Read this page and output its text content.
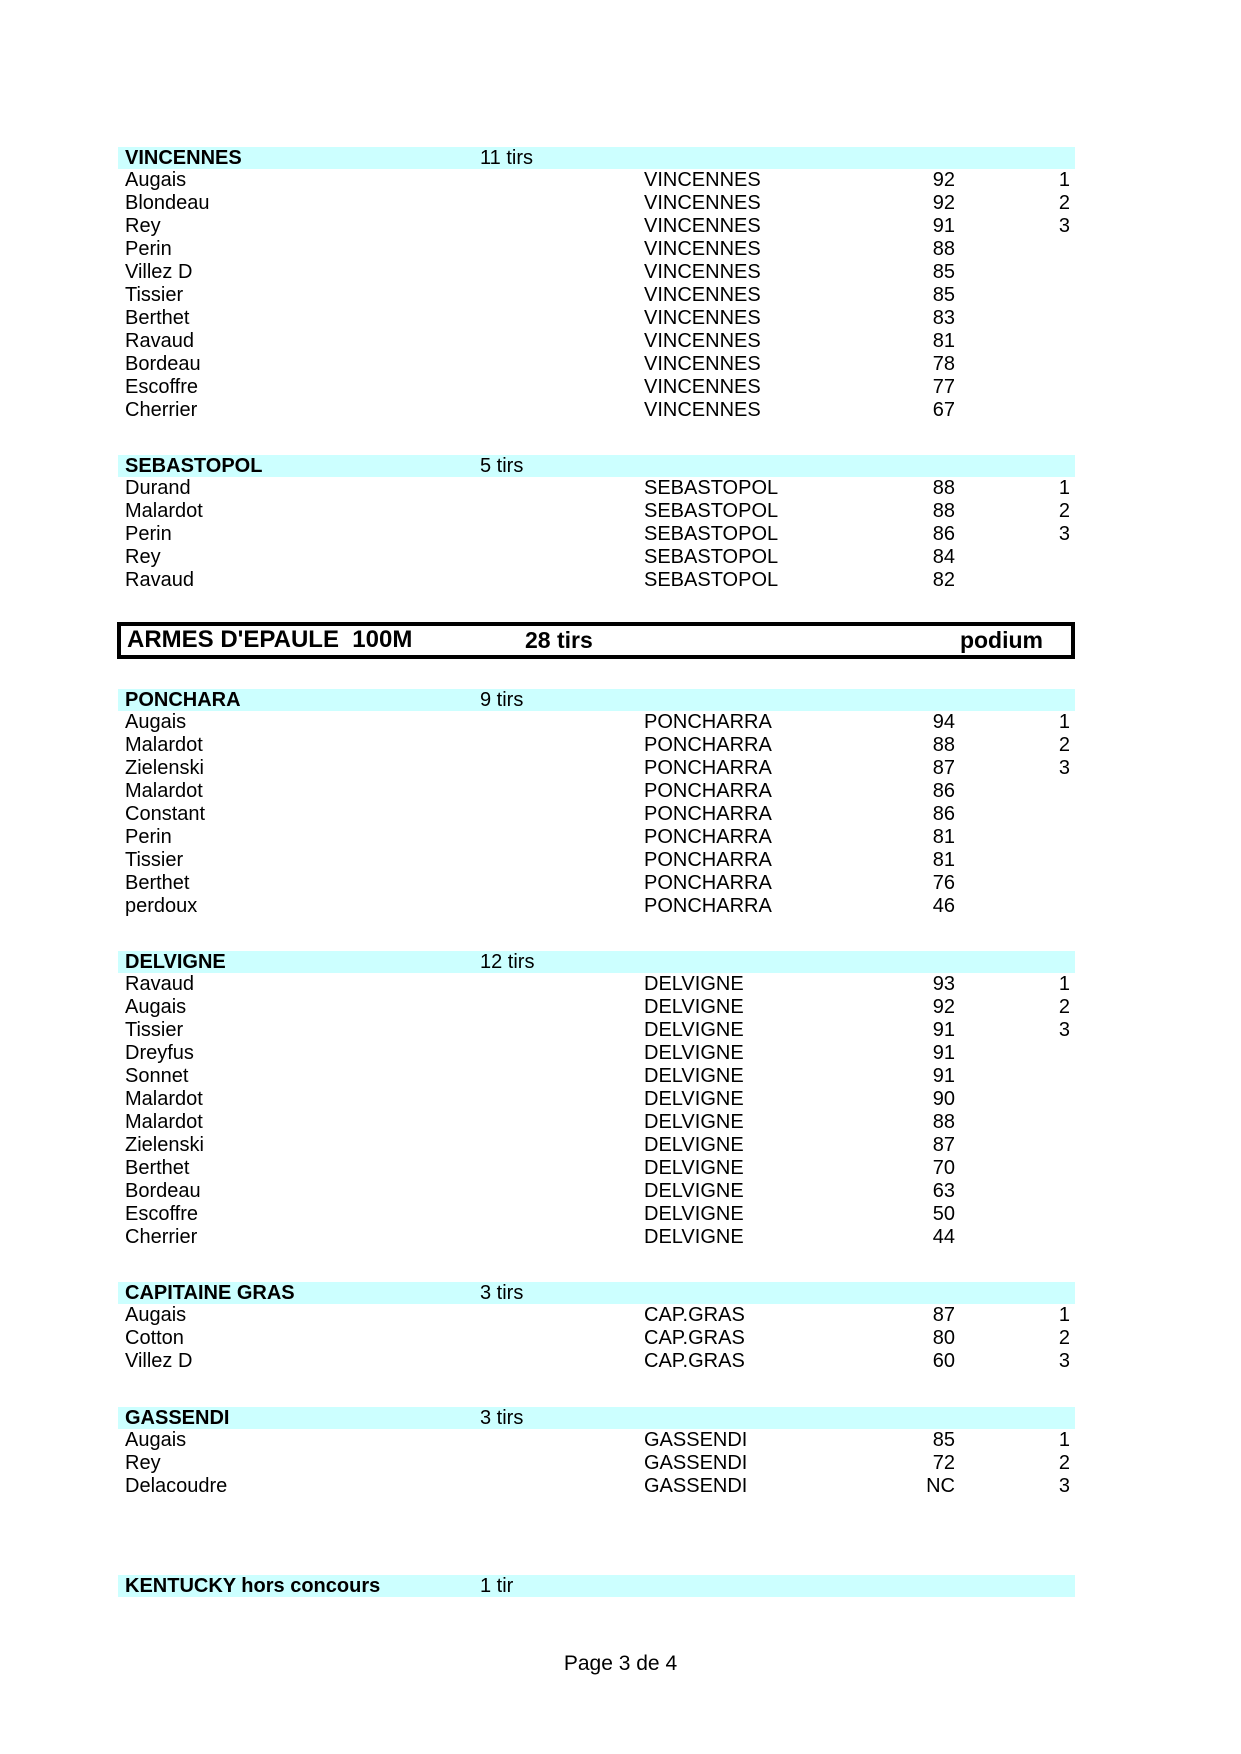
VINCENNES	11 tirs
Augais	VINCENNES	92	1
Blondeau	VINCENNES	92	2
Rey	VINCENNES	91	3
Perin	VINCENNES	88
Villez D	VINCENNES	85
Tissier	VINCENNES	85
Berthet	VINCENNES	83
Ravaud	VINCENNES	81
Bordeau	VINCENNES	78
Escoffre	VINCENNES	77
Cherrier	VINCENNES	67
SEBASTOPOL	5 tirs
Durand	SEBASTOPOL	88	1
Malardot	SEBASTOPOL	88	2
Perin	SEBASTOPOL	86	3
Rey	SEBASTOPOL	84
Ravaud	SEBASTOPOL	82
ARMES D'EPAULE  100M	28 tirs	podium
PONCHARA	9 tirs
Augais	PONCHARRA	94	1
Malardot	PONCHARRA	88	2
Zielenski	PONCHARRA	87	3
Malardot	PONCHARRA	86
Constant	PONCHARRA	86
Perin	PONCHARRA	81
Tissier	PONCHARRA	81
Berthet	PONCHARRA	76
perdoux	PONCHARRA	46
DELVIGNE	12 tirs
Ravaud	DELVIGNE	93	1
Augais	DELVIGNE	92	2
Tissier	DELVIGNE	91	3
Dreyfus	DELVIGNE	91
Sonnet	DELVIGNE	91
Malardot	DELVIGNE	90
Malardot	DELVIGNE	88
Zielenski	DELVIGNE	87
Berthet	DELVIGNE	70
Bordeau	DELVIGNE	63
Escoffre	DELVIGNE	50
Cherrier	DELVIGNE	44
CAPITAINE GRAS	3 tirs
Augais	CAP.GRAS	87	1
Cotton	CAP.GRAS	80	2
Villez D	CAP.GRAS	60	3
GASSENDI	3 tirs
Augais	GASSENDI	85	1
Rey	GASSENDI	72	2
Delacoudre	GASSENDI	NC	3
KENTUCKY hors concours	1 tir
Page 3 de 4
